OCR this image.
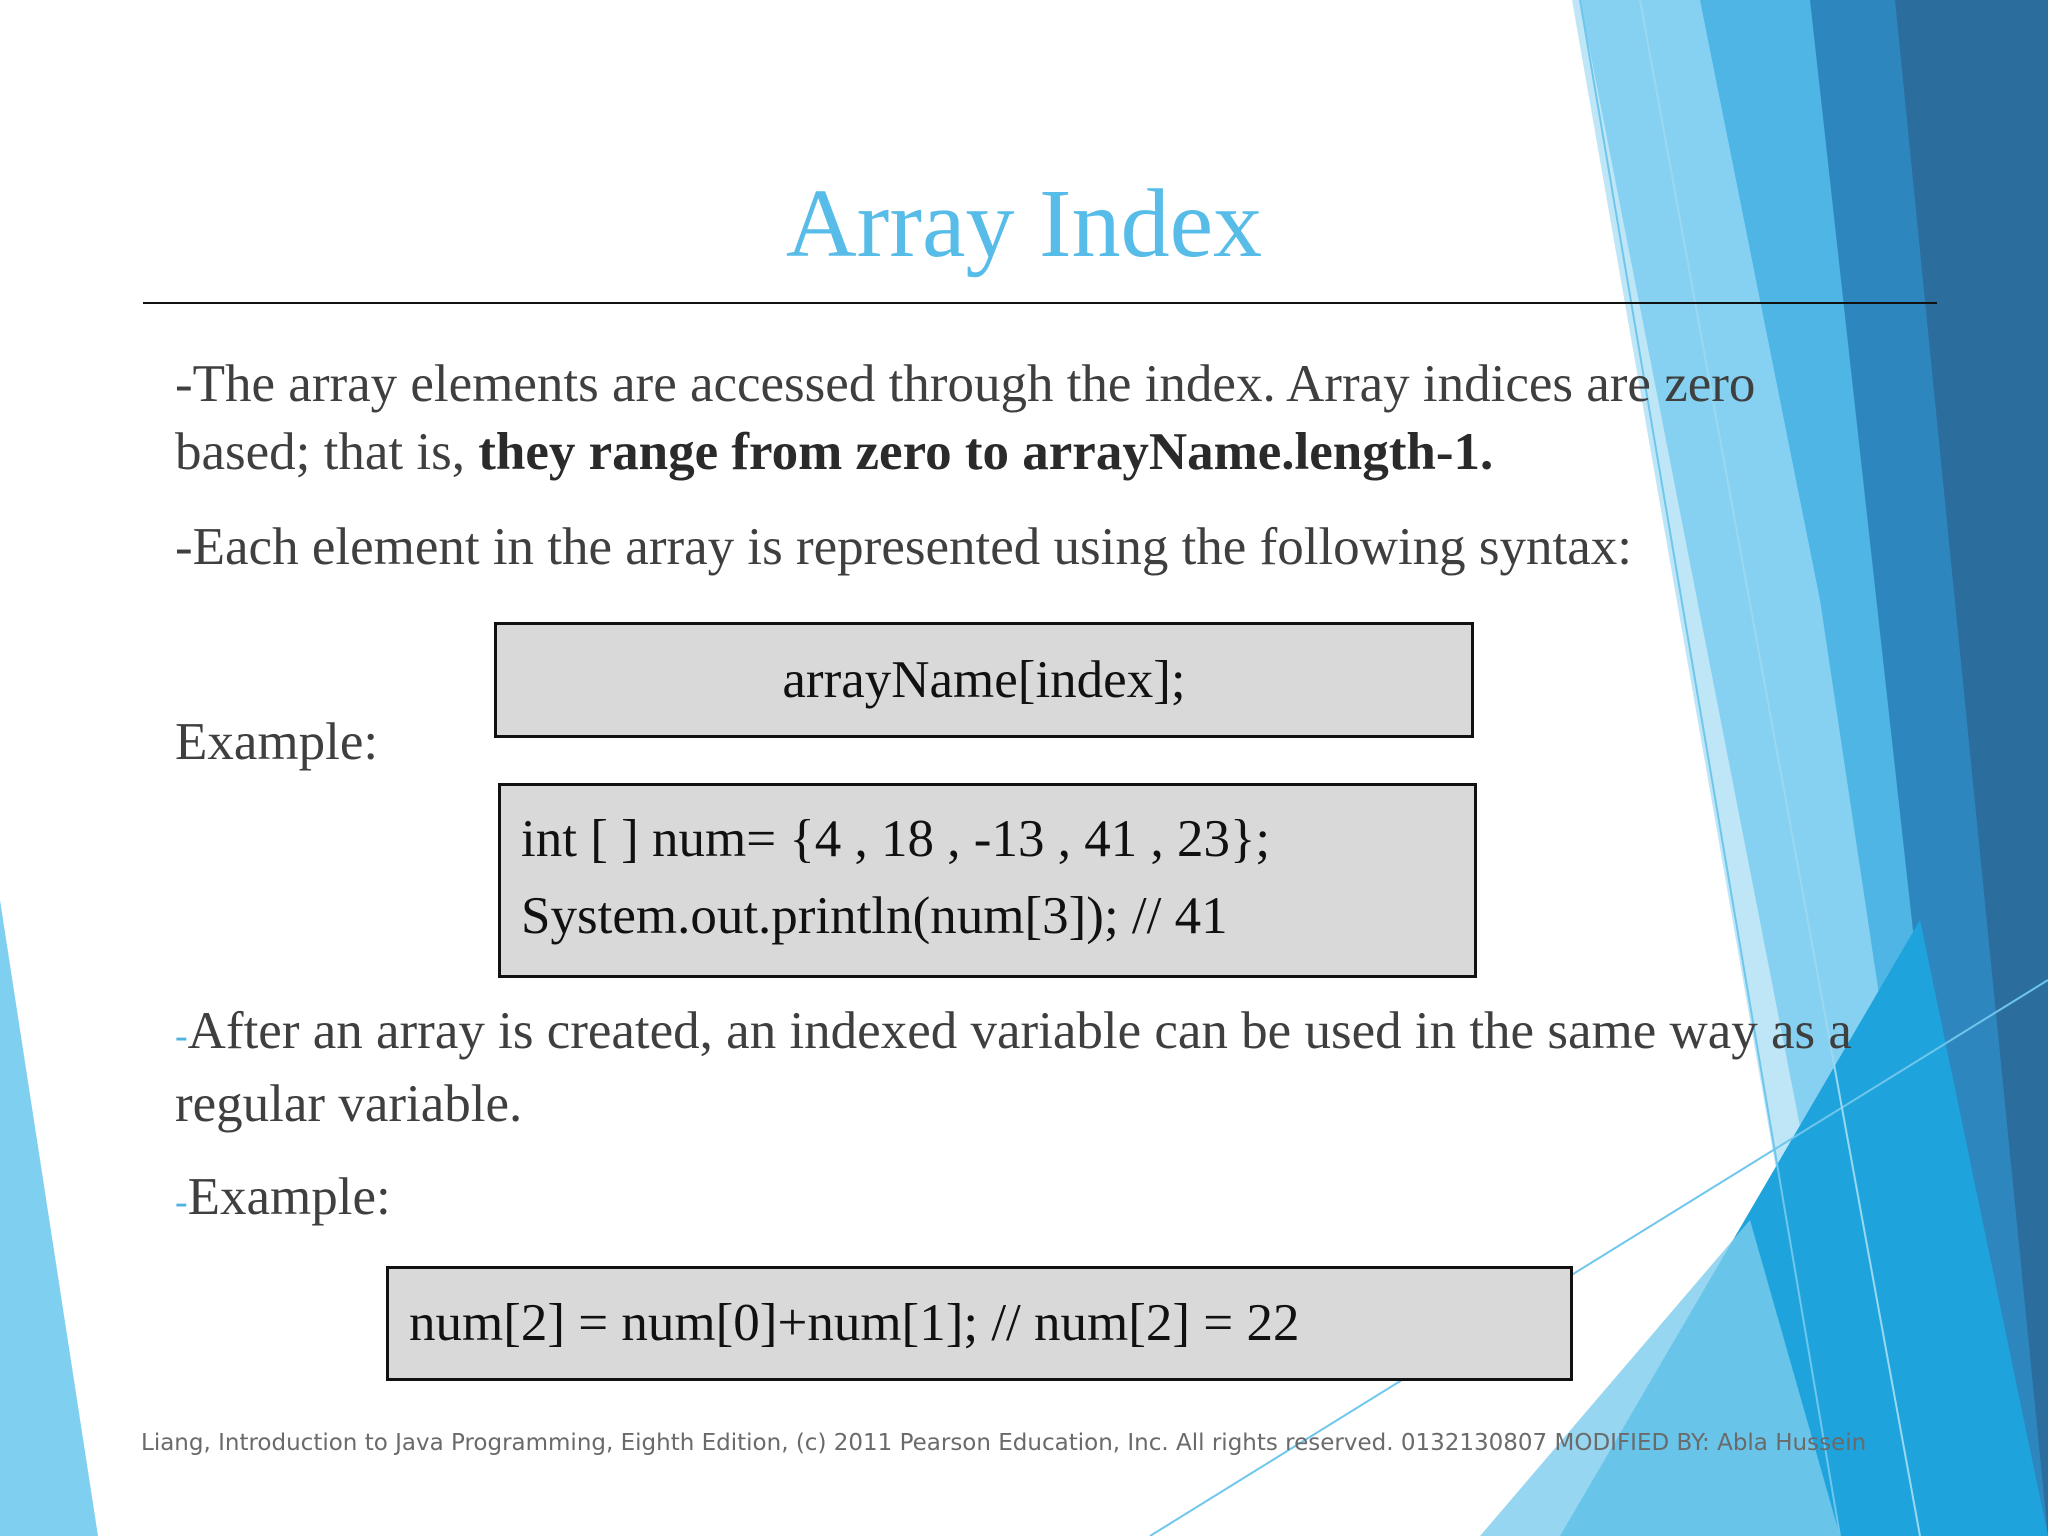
Array Index
-The array elements are accessed through the index. Array indices are zero based; that is, they range from zero to arrayName.length-1.
-Each element in the array is represented using the following syntax:
arrayName[index];
Example:
int [ ] num= {4 , 18 , -13 , 41 , 23};
System.out.println(num[3]); // 41
-After an array is created, an indexed variable can be used in the same way as a regular variable.
-Example:
num[2] = num[0]+num[1]; // num[2] = 22
Liang, Introduction to Java Programming, Eighth Edition, (c) 2011 Pearson Education, Inc. All rights reserved. 0132130807 MODIFIED BY: Abla Hussein
